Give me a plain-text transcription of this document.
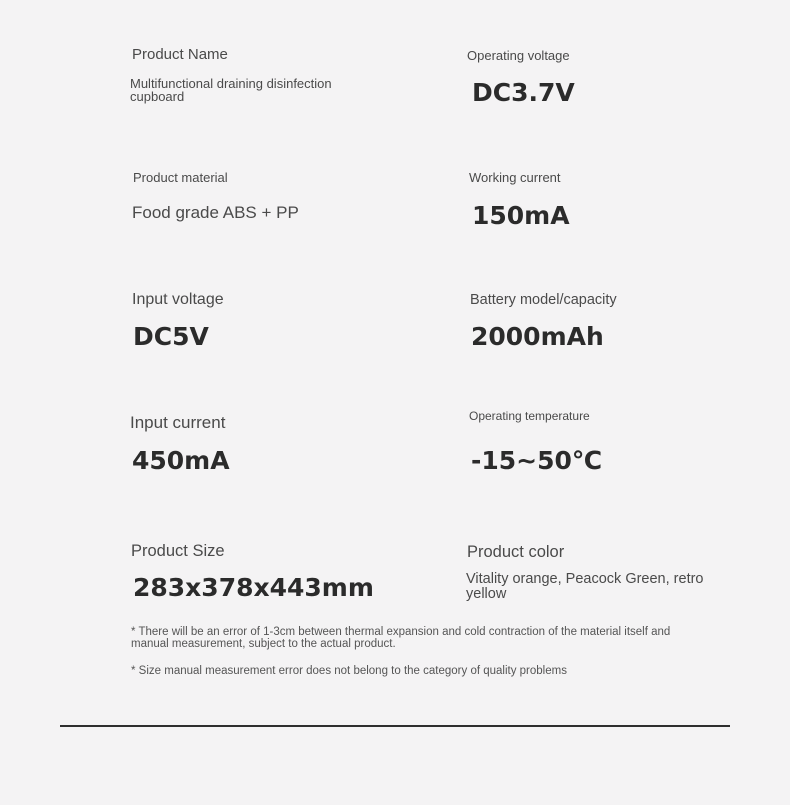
Product Name
Multifunctional draining disinfection cupboard
Operating voltage
DC3.7V
Product material
Food grade ABS + PP
Working current
150mA
Input voltage
DC5V
Battery model/capacity
2000mAh
Input current
450mA
Operating temperature
-15~50℃
Product Size
283x378x443mm
Product color
Vitality orange, Peacock Green, retro yellow
* There will be an error of 1-3cm between thermal expansion and cold contraction of the material itself and manual measurement, subject to the actual product.
* Size manual measurement error does not belong to the category of quality problems
